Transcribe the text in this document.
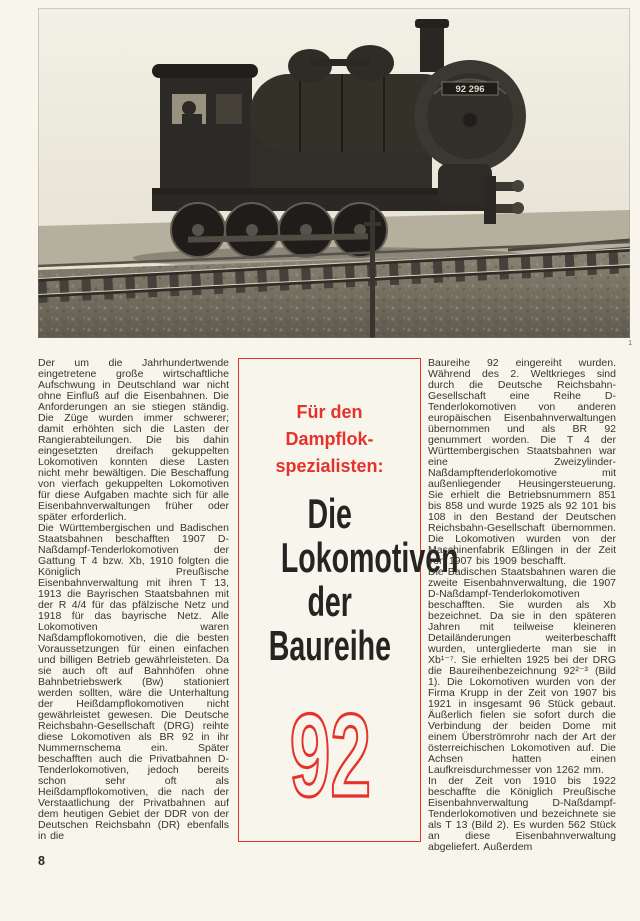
92 296
1

Der um die Jahrhundertwende eingetretene große wirtschaftliche Aufschwung in Deutschland war nicht ohne Einfluß auf die Eisenbahnen. Die Anforderungen an sie stiegen ständig. Die Züge wurden immer schwerer; damit erhöhten sich die Lasten der Rangierabteilungen. Die bis dahin eingesetzten dreifach gekuppelten Lokomotiven konnten diese Lasten nicht mehr bewältigen. Die Beschaffung von vierfach gekuppelten Lokomotiven für diese Aufgaben machte sich für alle Eisenbahnverwaltungen früher oder später erforderlich.

Die Württembergischen und Badischen Staatsbahnen beschafften 1907 D-Naßdampf-Tenderlokomotiven der Gattung T 4 bzw. Xb, 1910 folgten die Königlich Preußische Eisenbahnverwaltung mit ihren T 13, 1913 die Bayrischen Staatsbahnen mit der R 4/4 für das pfälzische Netz und 1918 für das bayrische Netz. Alle Lokomotiven waren Naßdampflokomotiven, die die besten Voraussetzungen für einen einfachen und billigen Betrieb gewährleisteten. Da sie auch oft auf Bahnhöfen ohne Bahnbetriebswerk (Bw) stationiert werden sollten, wäre die Unterhaltung der Heißdampflokomotiven nicht gewährleistet gewesen. Die Deutsche Reichsbahn-Gesellschaft (DRG) reihte diese Lokomotiven als BR 92 in ihr Nummernschema ein. Später beschafften auch die Privatbahnen D-Tenderlokomotiven, jedoch bereits schon sehr oft als Heißdampflokomotiven, die nach der Verstaatlichung der Privatbahnen auf dem heutigen Gebiet der DDR von der Deutschen Reichsbahn (DR) ebenfalls in die

Für den
Dampflok-
spezialisten:
Die
Lokomotiven
der
Baureihe
92

Baureihe 92 eingereiht wurden. Während des 2. Weltkrieges sind durch die Deutsche Reichsbahn-Gesellschaft eine Reihe D-Tenderlokomotiven von anderen europäischen Eisenbahnverwaltungen übernommen und als BR 92 genummert worden. Die T 4 der Württembergischen Staatsbahnen war eine Zweizylinder-Naßdampftenderlokomotive mit außenliegender Heusingersteuerung. Sie erhielt die Betriebsnummern 851 bis 858 und wurde 1925 als 92 101 bis 108 in den Bestand der Deutschen Reichsbahn-Gesellschaft übernommen. Die Lokomotiven wurden von der Maschinenfabrik Eßlingen in der Zeit von 1907 bis 1909 beschafft.

Die Badischen Staatsbahnen waren die zweite Eisenbahnverwaltung, die 1907 D-Naßdampf-Tenderlokomotiven beschafften. Sie wurden als Xb bezeichnet. Da sie in den späteren Jahren mit teilweise kleineren Detailänderungen weiterbeschafft wurden, untergliederte man sie in Xb¹⁻⁷. Sie erhielten 1925 bei der DRG die Baureihenbezeichnung 92²⁻³ (Bild 1). Die Lokomotiven wurden von der Firma Krupp in der Zeit von 1907 bis 1921 in insgesamt 96 Stück gebaut. Äußerlich fielen sie sofort durch die Verbindung der beiden Dome mit einem Überströmrohr nach der Art der österreichischen Lokomotiven auf. Die Achsen hatten einen Laufkreisdurchmesser von 1262 mm.

In der Zeit von 1910 bis 1922 beschaffte die Königlich Preußische Eisenbahnverwaltung D-Naßdampf-Tenderlokomotiven und bezeichnete sie als T 13 (Bild 2). Es wurden 562 Stück an diese Eisenbahnverwaltung abgeliefert. Außerdem

8
